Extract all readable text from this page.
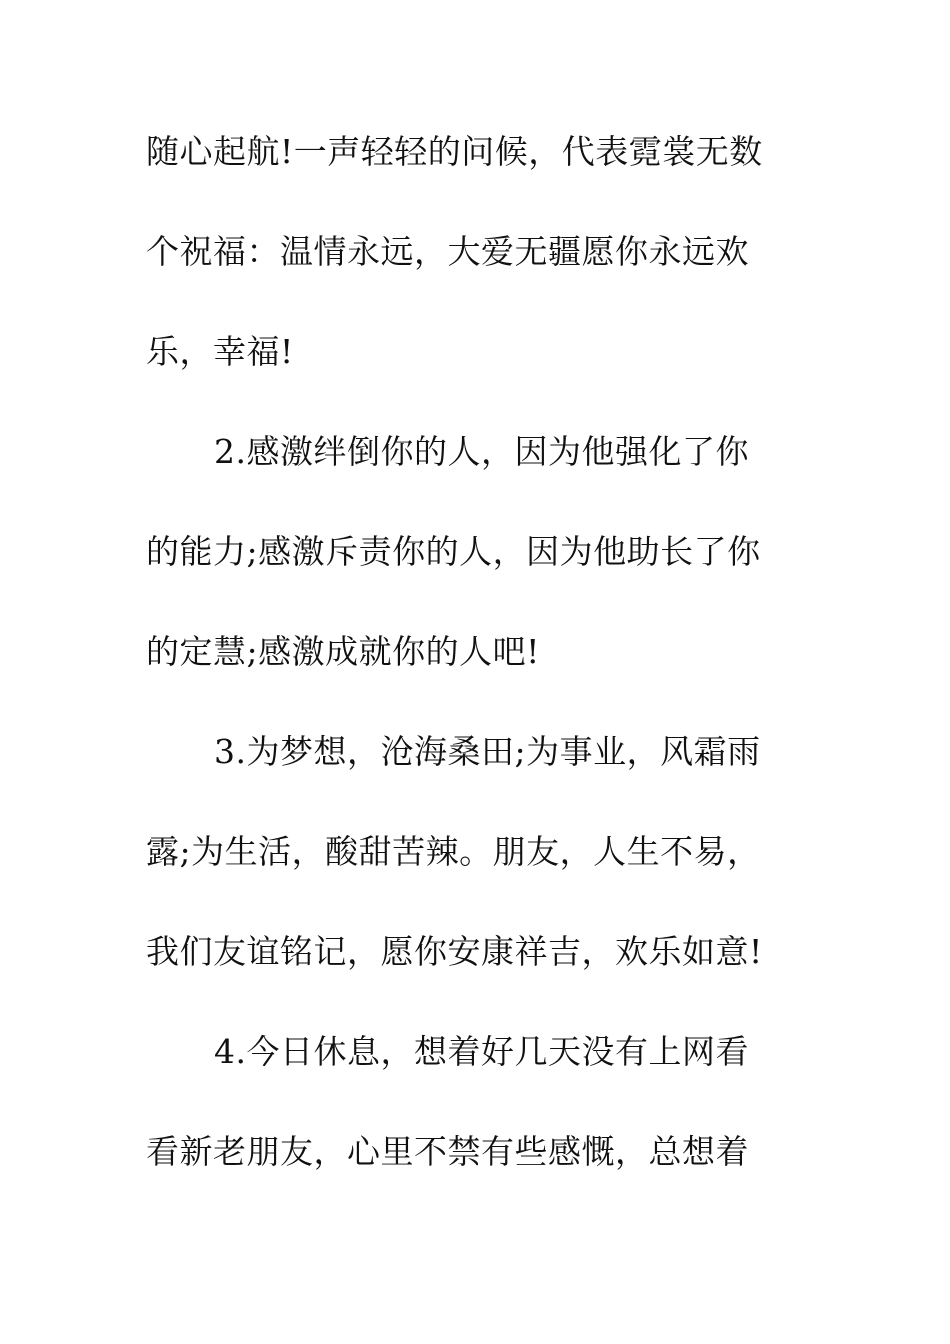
随心起航!一声轻轻的问候，代表霓裳无数
个祝福：温情永远，大爱无疆愿你永远欢
乐，幸福!
2.感激绊倒你的人，因为他强化了你
的能力;感激斥责你的人，因为他助长了你
的定慧;感激成就你的人吧!
3.为梦想，沧海桑田;为事业，风霜雨
露;为生活，酸甜苦辣。朋友，人生不易，
我们友谊铭记，愿你安康祥吉，欢乐如意!
4.今日休息，想着好几天没有上网看
看新老朋友，心里不禁有些感慨，总想着
